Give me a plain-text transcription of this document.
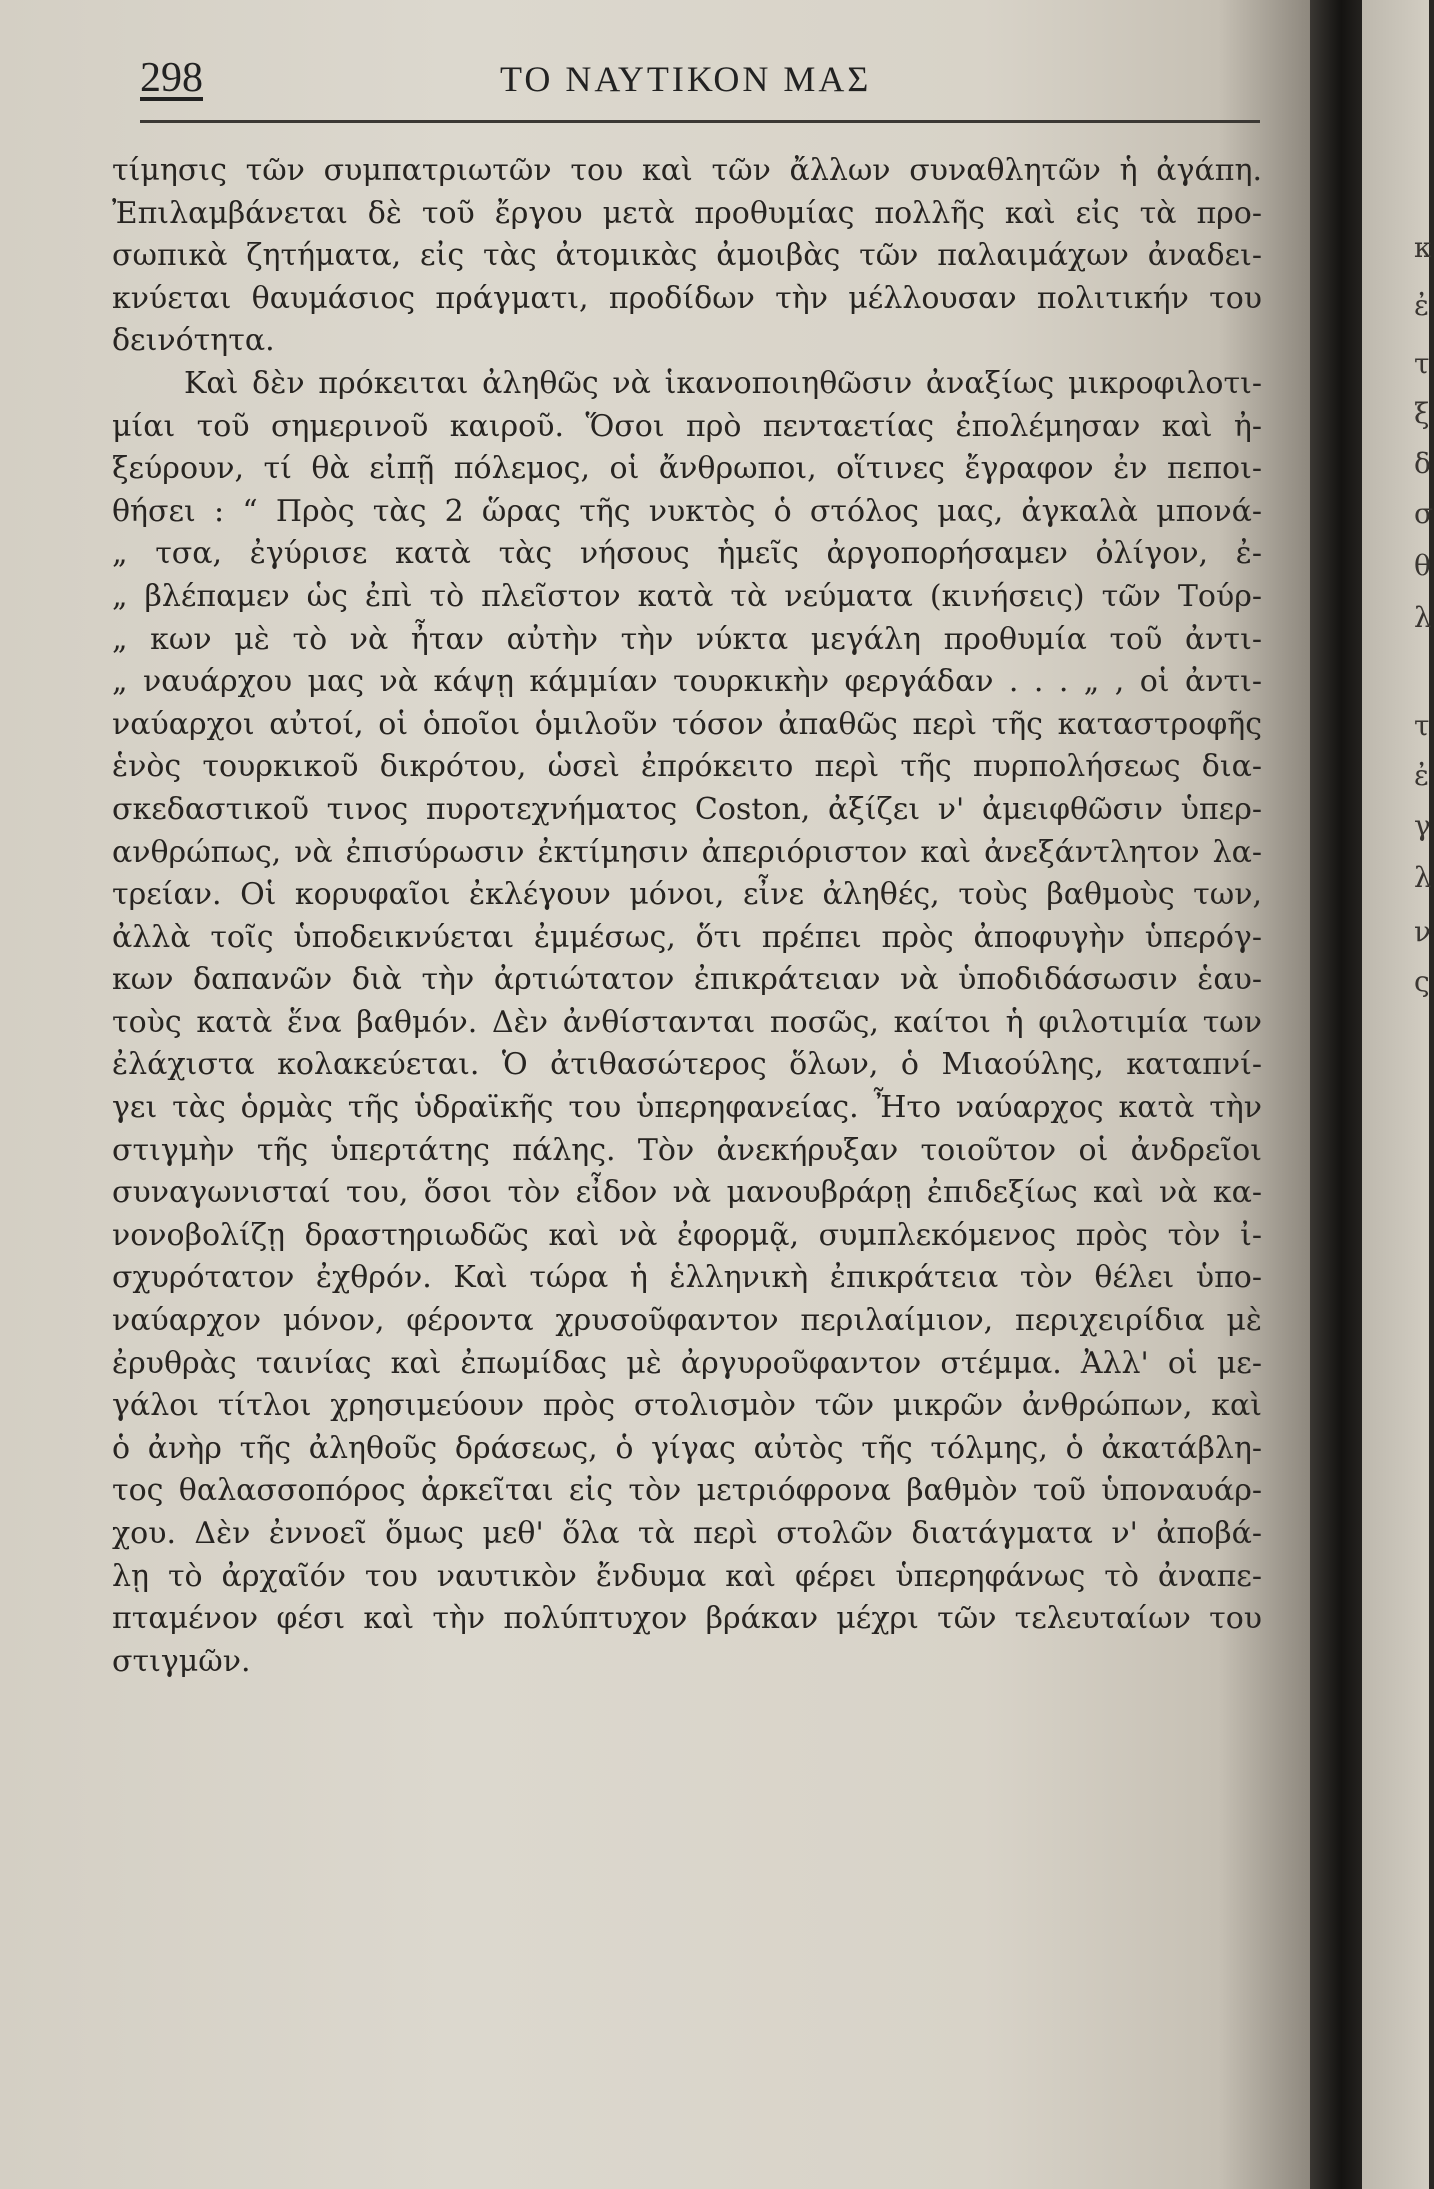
298	ΤΟ ΝΑΥΤΙΚΟΝ ΜΑΣ
τίμησις τῶν συμπατριωτῶν του καὶ τῶν ἄλλων συναθλητῶν ἡ ἀγάπη.
Ἐπιλαμβάνεται δὲ τοῦ ἔργου μετὰ προθυμίας πολλῆς καὶ εἰς τὰ προ-
σωπικὰ ζητήματα, εἰς τὰς ἀτομικὰς ἀμοιβὰς τῶν παλαιμάχων ἀναδει-
κνύεται θαυμάσιος πράγματι, προδίδων τὴν μέλλουσαν πολιτικήν του
δεινότητα.
Καὶ δὲν πρόκειται ἀληθῶς νὰ ἱκανοποιηθῶσιν ἀναξίως μικροφιλοτι-
μίαι τοῦ σημερινοῦ καιροῦ. Ὅσοι πρὸ πενταετίας ἐπολέμησαν καὶ ἠ-
ξεύρουν, τί θὰ εἰπῇ πόλεμος, οἱ ἄνθρωποι, οἵτινες ἔγραφον ἐν πεποι-
θήσει : “ Πρὸς τὰς 2 ὥρας τῆς νυκτὸς ὁ στόλος μας, ἀγκαλὰ μπονά-
„ τσα, ἐγύρισε κατὰ τὰς νήσους ἡμεῖς ἀργοπορήσαμεν ὀλίγον, ἐ-
„ βλέπαμεν ὡς ἐπὶ τὸ πλεῖστον κατὰ τὰ νεύματα (κινήσεις) τῶν Τούρ-
„ κων μὲ τὸ νὰ ἦταν αὐτὴν τὴν νύκτα μεγάλη προθυμία τοῦ ἀντι-
„ ναυάρχου μας νὰ κάψῃ κάμμίαν τουρκικὴν φεργάδαν . . . „ , οἱ ἀντι-
ναύαρχοι αὐτοί, οἱ ὁποῖοι ὁμιλοῦν τόσον ἀπαθῶς περὶ τῆς καταστροφῆς
ἑνὸς τουρκικοῦ δικρότου, ὡσεὶ ἐπρόκειτο περὶ τῆς πυρπολήσεως δια-
σκεδαστικοῦ τινος πυροτεχνήματος Coston, ἀξίζει ν' ἀμειφθῶσιν ὑπερ-
ανθρώπως, νὰ ἐπισύρωσιν ἐκτίμησιν ἀπεριόριστον καὶ ἀνεξάντλητον λα-
τρείαν. Οἱ κορυφαῖοι ἐκλέγουν μόνοι, εἶνε ἀληθές, τοὺς βαθμοὺς των,
ἀλλὰ τοῖς ὑποδεικνύεται ἐμμέσως, ὅτι πρέπει πρὸς ἀποφυγὴν ὑπερόγ-
κων δαπανῶν διὰ τὴν ἀρτιώτατον ἐπικράτειαν νὰ ὑποδιδάσωσιν ἑαυ-
τοὺς κατὰ ἕνα βαθμόν. Δὲν ἀνθίστανται ποσῶς, καίτοι ἡ φιλοτιμία των
ἐλάχιστα κολακεύεται. Ὁ ἀτιθασώτερος ὅλων, ὁ Μιαούλης, καταπνί-
γει τὰς ὁρμὰς τῆς ὑδραϊκῆς του ὑπερηφανείας. Ἦτο ναύαρχος κατὰ τὴν
στιγμὴν τῆς ὑπερτάτης πάλης. Τὸν ἀνεκήρυξαν τοιοῦτον οἱ ἀνδρεῖοι
συναγωνισταί του, ὅσοι τὸν εἶδον νὰ μανουβράρῃ ἐπιδεξίως καὶ νὰ κα-
νονοβολίζῃ δραστηριωδῶς καὶ νὰ ἐφορμᾷ, συμπλεκόμενος πρὸς τὸν ἰ-
σχυρότατον ἐχθρόν. Καὶ τώρα ἡ ἑλληνικὴ ἐπικράτεια τὸν θέλει ὑπο-
ναύαρχον μόνον, φέροντα χρυσοῦφαντον περιλαίμιον, περιχειρίδια μὲ
ἐρυθρὰς ταινίας καὶ ἐπωμίδας μὲ ἀργυροῦφαντον στέμμα. Ἀλλ' οἱ με-
γάλοι τίτλοι χρησιμεύουν πρὸς στολισμὸν τῶν μικρῶν ἀνθρώπων, καὶ
ὁ ἀνὴρ τῆς ἀληθοῦς δράσεως, ὁ γίγας αὐτὸς τῆς τόλμης, ὁ ἀκατάβλη-
τος θαλασσοπόρος ἀρκεῖται εἰς τὸν μετριόφρονα βαθμὸν τοῦ ὑποναυάρ-
χου. Δὲν ἐννοεῖ ὅμως μεθ' ὅλα τὰ περὶ στολῶν διατάγματα ν' ἀποβά-
λῃ τὸ ἀρχαῖόν του ναυτικὸν ἔνδυμα καὶ φέρει ὑπερηφάνως τὸ ἀναπε-
πταμένον φέσι καὶ τὴν πολύπτυχον βράκαν μέχρι τῶν τελευταίων του
στιγμῶν.
κ
ἐ
τ
ξ
δ
σ
θ
λ
τ
ἐ
γ
λ
ν
ς
